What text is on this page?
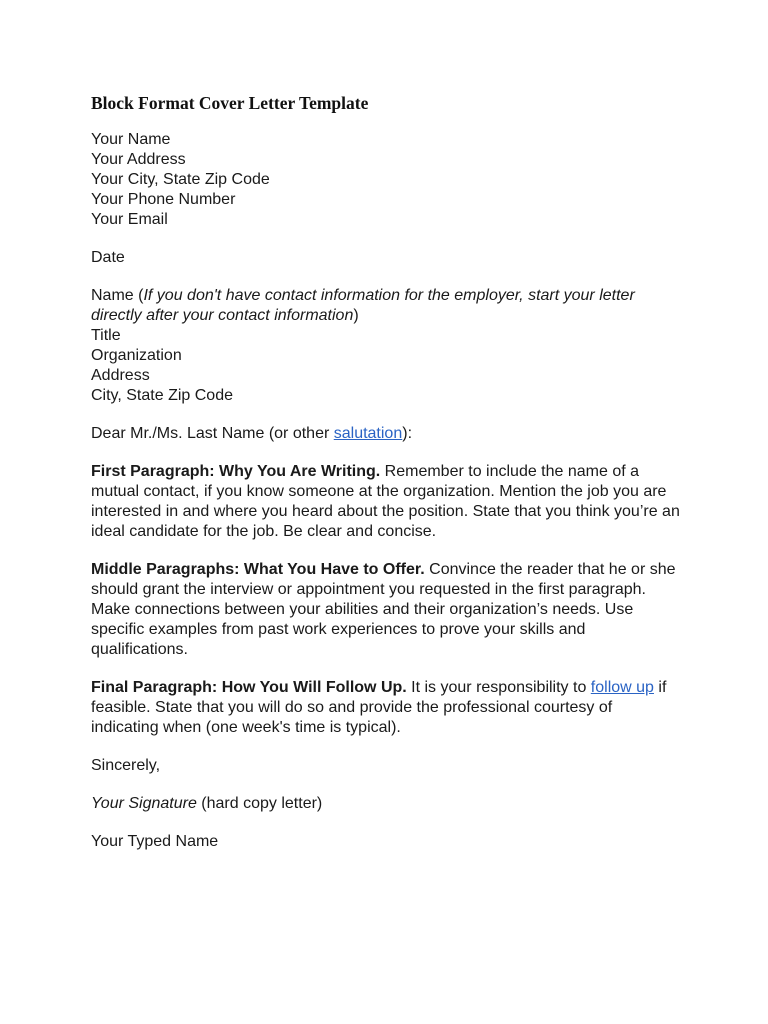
Block Format Cover Letter Template
Your Name
Your Address
Your City, State Zip Code
Your Phone Number
Your Email
Date
Name (If you don't have contact information for the employer, start your letter directly after your contact information)
Title
Organization
Address
City, State Zip Code
Dear Mr./Ms. Last Name (or other salutation):
First Paragraph: Why You Are Writing. Remember to include the name of a mutual contact, if you know someone at the organization. Mention the job you are interested in and where you heard about the position. State that you think you’re an ideal candidate for the job. Be clear and concise.
Middle Paragraphs: What You Have to Offer. Convince the reader that he or she should grant the interview or appointment you requested in the first paragraph. Make connections between your abilities and their organization’s needs. Use specific examples from past work experiences to prove your skills and qualifications.
Final Paragraph: How You Will Follow Up. It is your responsibility to follow up if feasible. State that you will do so and provide the professional courtesy of indicating when (one week's time is typical).
Sincerely,
Your Signature (hard copy letter)
Your Typed Name
